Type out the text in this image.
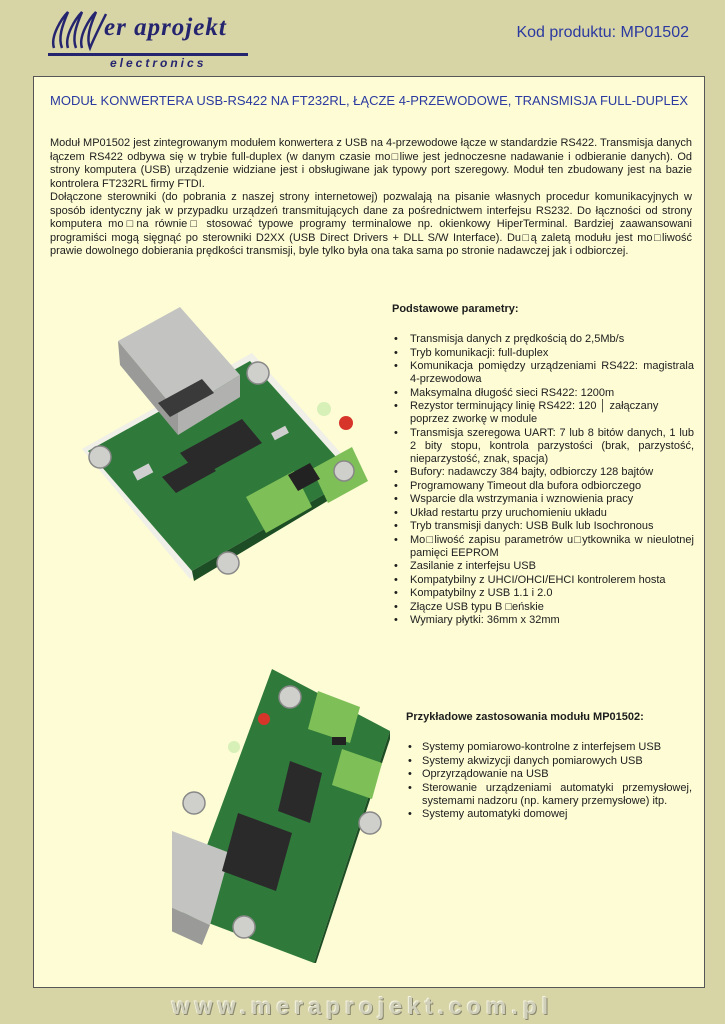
er aprojekt
electronics
Kod produktu: MP01502
MODUŁ KONWERTERA USB-RS422 NA FT232RL, ŁĄCZE 4-PRZEWODOWE, TRANSMISJA FULL-DUPLEX

Moduł MP01502 jest zintegrowanym modułem konwertera z USB na 4-przewodowe łącze w standardzie RS422. Transmisja danych łączem RS422 odbywa się w trybie full-duplex (w danym czasie mo□liwe jest jednoczesne nadawanie i odbieranie danych). Od strony komputera (USB) urządzenie widziane jest i obsługiwane jak typowy port szeregowy. Moduł ten zbudowany jest na bazie kontrolera FT232RL firmy FTDI.

Dołączone sterowniki (do pobrania z naszej strony internetowej) pozwalają na pisanie własnych procedur komunikacyjnych w sposób identyczny jak w przypadku urządzeń transmitujących dane za pośrednictwem interfejsu RS232. Do łączności od strony komputera mo□na równie□ stosować typowe programy terminalowe np. okienkowy HiperTerminal. Bardziej zaawansowani programiści mogą sięgnąć po sterowniki D2XX (USB Direct Drivers + DLL S/W Interface). Du□ą zaletą modułu jest mo□liwość prawie dowolnego dobierania prędkości transmisji, byle tylko była ona taka sama po stronie nadawczej jak i odbiorczej.

Podstawowe parametry:
• Transmisja danych z prędkością do 2,5Mb/s
• Tryb komunikacji: full-duplex
• Komunikacja pomiędzy urządzeniami RS422: magistrala 4-przewodowa
• Maksymalna długość sieci RS422: 1200m
• Rezystor terminujący linię RS422: 120 │ załączany poprzez zworkę w module
• Transmisja szeregowa UART: 7 lub 8 bitów danych, 1 lub 2 bity stopu, kontrola parzystości (brak, parzystość, nieparzystość, znak, spacja)
• Bufory: nadawczy 384 bajty, odbiorczy 128 bajtów
• Programowany Timeout dla bufora odbiorczego
• Wsparcie dla wstrzymania i wznowienia pracy
• Układ restartu przy uruchomieniu układu
• Tryb transmisji danych: USB Bulk lub Isochronous
• Mo□liwość zapisu parametrów u□ytkownika w nieulotnej pamięci EEPROM
• Zasilanie z interfejsu USB
• Kompatybilny z UHCI/OHCI/EHCI kontrolerem hosta
• Kompatybilny z USB 1.1 i 2.0
• Złącze USB typu B □eńskie
• Wymiary płytki: 36mm x 32mm
Przykładowe zastosowania modułu MP01502:
• Systemy pomiarowo-kontrolne z interfejsem USB
• Systemy akwizycji danych pomiarowych USB
• Oprzyrządowanie na USB
• Sterowanie urządzeniami automatyki przemysłowej, systemami nadzoru (np. kamery przemysłowe) itp.
• Systemy automatyki domowej
www.meraprojekt.com.pl
